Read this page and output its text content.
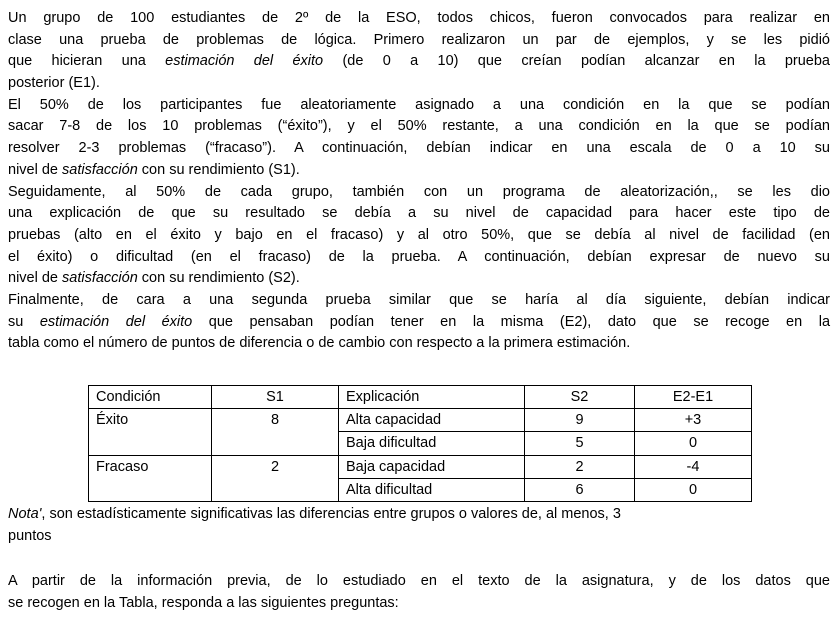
Un grupo de 100 estudiantes de 2º de la ESO, todos chicos, fueron convocados para realizar en
clase una prueba de problemas de lógica. Primero realizaron un par de ejemplos, y se les pidió
que hicieran una estimación del éxito (de 0 a 10) que creían podían alcanzar en la prueba
posterior (E1).
El 50% de los participantes fue aleatoriamente asignado a una condición en la que se podían
sacar 7-8 de los 10 problemas (“éxito”), y el 50% restante, a una condición en la que se podían
resolver 2-3 problemas (“fracaso”). A continuación, debían indicar en una escala de 0 a 10 su
nivel de satisfacción con su rendimiento (S1).
Seguidamente, al 50% de cada grupo, también con un programa de aleatorización,, se les dio
una explicación de que su resultado se debía a su nivel de capacidad para hacer este tipo de
pruebas (alto en el éxito y bajo en el fracaso) y al otro 50%, que se debía al nivel de facilidad (en
el éxito) o dificultad (en el fracaso) de la prueba. A continuación, debían expresar de nuevo su
nivel de satisfacción con su rendimiento (S2).
Finalmente, de cara a una segunda prueba similar que se haría al día siguiente, debían indicar
su estimación del éxito que pensaban podían tener en la misma (E2), dato que se recoge en la
tabla como el número de puntos de diferencia o de cambio con respecto a la primera estimación.
Condición	S1	Explicación	S2	E2-E1
Éxito	8	Alta capacidad	9	+3
		Baja dificultad	5	0
Fracaso	2	Baja capacidad	2	-4
		Alta dificultad	6	0
Nota', son estadísticamente significativas las diferencias entre grupos o valores de, al menos, 3
puntos
A partir de la información previa, de lo estudiado en el texto de la asignatura, y de los datos que
se recogen en la Tabla, responda a las siguientes preguntas:
